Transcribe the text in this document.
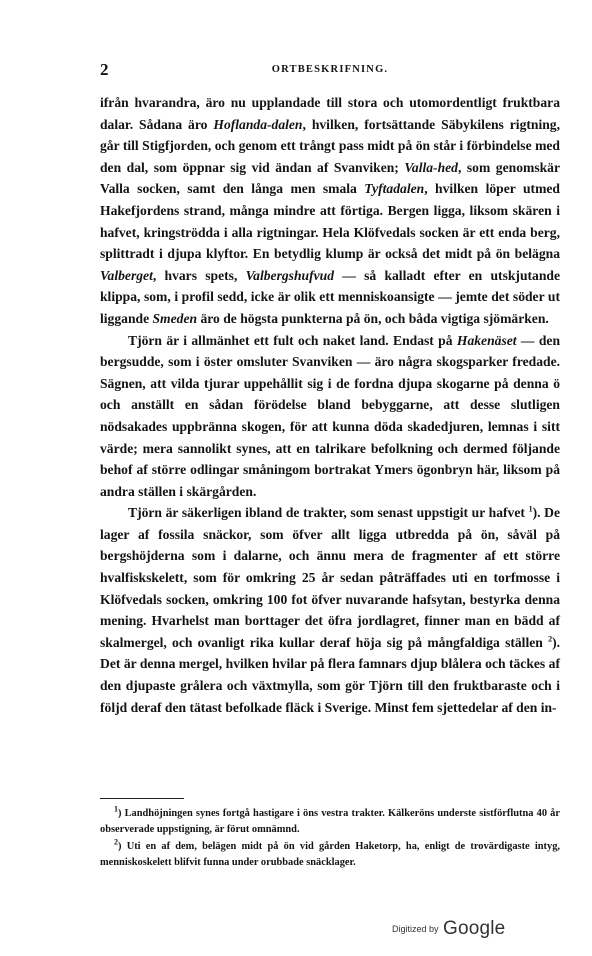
2	ORTBESKRIFNING.

ifrån hvarandra, äro nu upplandade till stora och utomordentligt fruktbara dalar. Sådana äro Hoflanda-dalen, hvilken, fortsättande Säbykilens rigtning, går till Stigfjorden, och genom ett trångt pass midt på ön står i förbindelse med den dal, som öppnar sig vid ändan af Svanviken; Valla-hed, som genomskär Valla socken, samt den långa men smala Tyftadalen, hvilken löper utmed Hakefjordens strand, många mindre att förtiga. Bergen ligga, liksom skären i hafvet, kringströdda i alla rigtningar. Hela Klöfvedals socken är ett enda berg, splittradt i djupa klyftor. En betydlig klump är också det midt på ön belägna Valberget, hvars spets, Valbergshufvud — så kalladt efter en utskjutande klippa, som, i profil sedd, icke är olik ett menniskoansigte — jemte det söder ut liggande Smeden äro de högsta punkterna på ön, och båda vigtiga sjömärken.

Tjörn är i allmänhet ett fult och naket land. Endast på Hakenäset — den bergsudde, som i öster omsluter Svanviken — äro några skogsparker fredade. Sägnen, att vilda tjurar uppehållit sig i de fordna djupa skogarne på denna ö och anställt en sådan förödelse bland bebyggarne, att desse slutligen nödsakades uppbränna skogen, för att kunna döda skadedjuren, lemnas i sitt värde; mera sannolikt synes, att en talrikare befolkning och dermed följande behof af större odlingar småningom bortrakat Ymers ögonbryn här, liksom på andra ställen i skärgården.

Tjörn är säkerligen ibland de trakter, som senast uppstigit ur hafvet $^1$). De lager af fossila snäckor, som öfver allt ligga utbredda på ön, såväl på bergshöjderna som i dalarne, och ännu mera de fragmenter af ett större hvalfiskskelett, som för omkring 25 år sedan påträffades uti en torfmosse i Klöfvedals socken, omkring 100 fot öfver nuvarande hafsytan, bestyrka denna mening. Hvarhelst man borttager det öfra jordlagret, finner man en bädd af skalmergel, och ovanligt rika kullar deraf höja sig på mångfaldiga ställen $^2$). Det är denna mergel, hvilken hvilar på flera famnars djup blålera och täckes af den djupaste grålera och växtmylla, som gör Tjörn till den fruktbaraste och i följd deraf den tätast befolkade fläck i Sverige. Minst fem sjettedelar af den in-

$^1$) Landhöjningen synes fortgå hastigare i öns vestra trakter. Kälkeröns underste sistförflutna 40 år observerade uppstigning, är förut omnämnd.

$^2$) Uti en af dem, belägen midt på ön vid gården Haketorp, ha, enligt de trovärdigaste intyg, menniskoskelett blifvit funna under orubbade snäcklager.

Digitized by Google
